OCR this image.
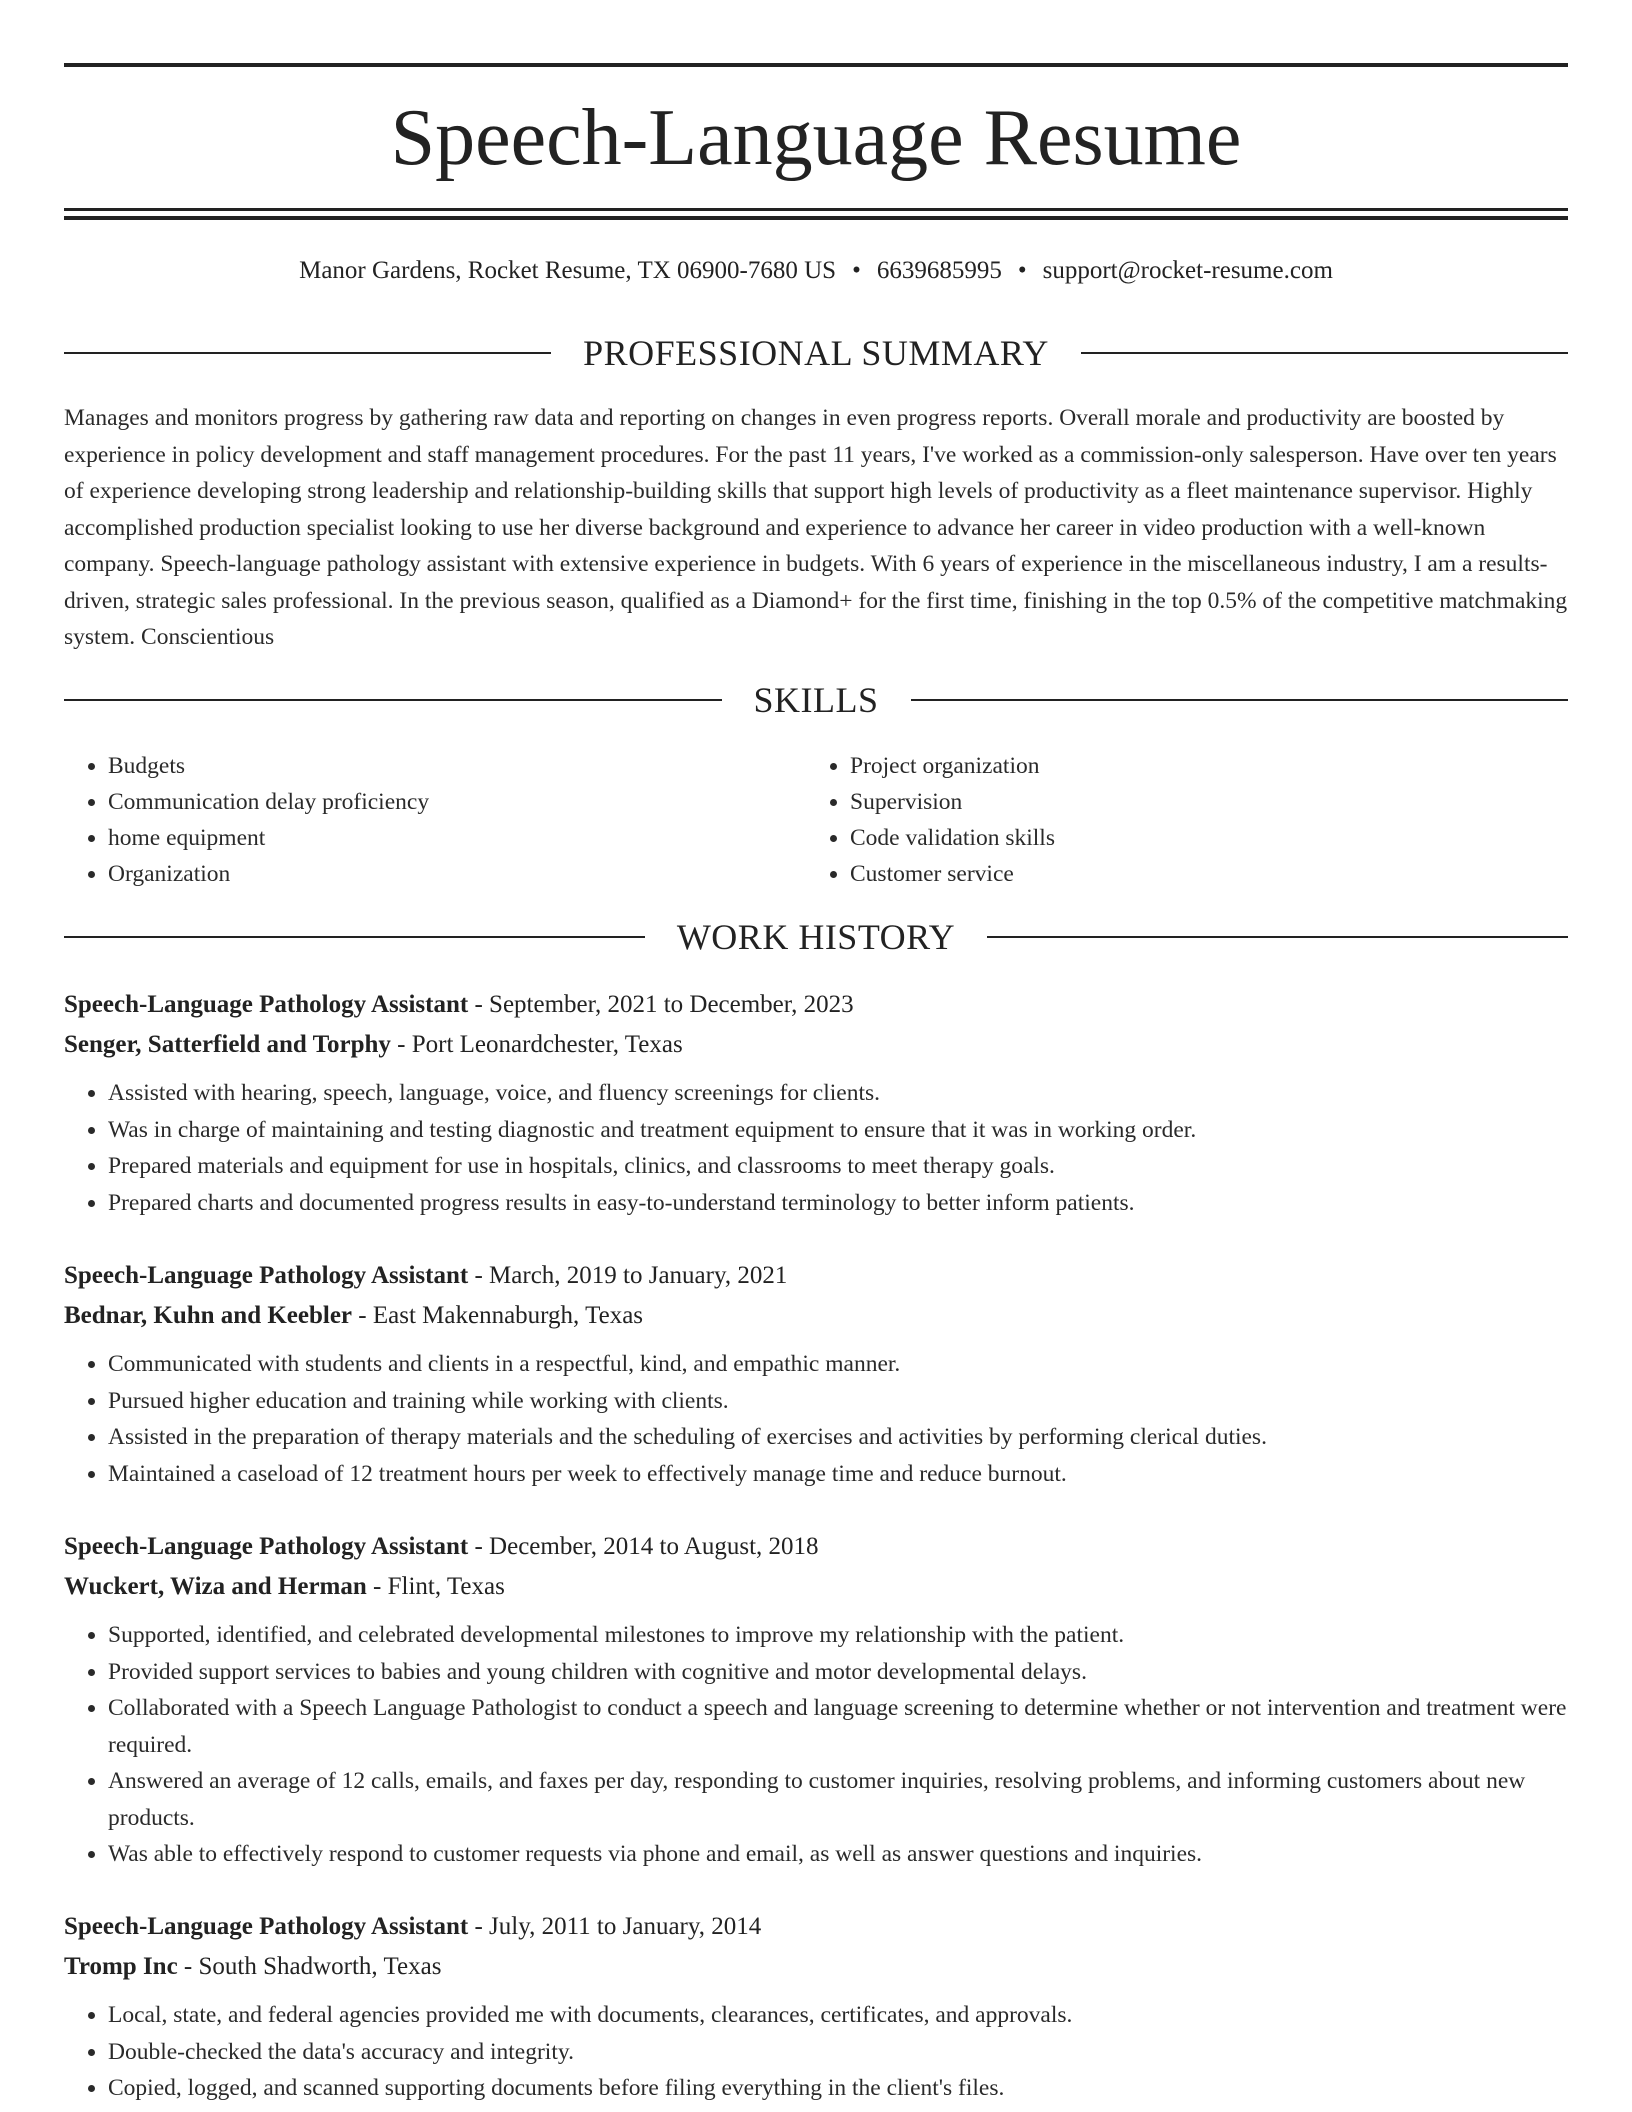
Speech-Language Resume
Manor Gardens, Rocket Resume, TX 06900-7680 US • 6639685995 • support@rocket-resume.com
PROFESSIONAL SUMMARY

Manages and monitors progress by gathering raw data and reporting on changes in even progress reports. Overall morale and productivity are boosted by experience in policy development and staff management procedures. For the past 11 years, I've worked as a commission-only salesperson. Have over ten years of experience developing strong leadership and relationship-building skills that support high levels of productivity as a fleet maintenance supervisor. Highly accomplished production specialist looking to use her diverse background and experience to advance her career in video production with a well-known company. Speech-language pathology assistant with extensive experience in budgets. With 6 years of experience in the miscellaneous industry, I am a results-driven, strategic sales professional. In the previous season, qualified as a Diamond+ for the first time, finishing in the top 0.5% of the competitive matchmaking system. Conscientious

SKILLS
• Budgets
• Communication delay proficiency
• home equipment
• Organization
• Project organization
• Supervision
• Code validation skills
• Customer service
WORK HISTORY
Speech-Language Pathology Assistant - September, 2021 to December, 2023
Senger, Satterfield and Torphy - Port Leonardchester, Texas
• Assisted with hearing, speech, language, voice, and fluency screenings for clients.
• Was in charge of maintaining and testing diagnostic and treatment equipment to ensure that it was in working order.
• Prepared materials and equipment for use in hospitals, clinics, and classrooms to meet therapy goals.
• Prepared charts and documented progress results in easy-to-understand terminology to better inform patients.
Speech-Language Pathology Assistant - March, 2019 to January, 2021
Bednar, Kuhn and Keebler - East Makennaburgh, Texas
• Communicated with students and clients in a respectful, kind, and empathic manner.
• Pursued higher education and training while working with clients.
• Assisted in the preparation of therapy materials and the scheduling of exercises and activities by performing clerical duties.
• Maintained a caseload of 12 treatment hours per week to effectively manage time and reduce burnout.
Speech-Language Pathology Assistant - December, 2014 to August, 2018
Wuckert, Wiza and Herman - Flint, Texas
• Supported, identified, and celebrated developmental milestones to improve my relationship with the patient.
• Provided support services to babies and young children with cognitive and motor developmental delays.
• Collaborated with a Speech Language Pathologist to conduct a speech and language screening to determine whether or not intervention and treatment were required.
• Answered an average of 12 calls, emails, and faxes per day, responding to customer inquiries, resolving problems, and informing customers about new products.
• Was able to effectively respond to customer requests via phone and email, as well as answer questions and inquiries.
Speech-Language Pathology Assistant - July, 2011 to January, 2014
Tromp Inc - South Shadworth, Texas
• Local, state, and federal agencies provided me with documents, clearances, certificates, and approvals.
• Double-checked the data's accuracy and integrity.
• Copied, logged, and scanned supporting documents before filing everything in the client's files.
